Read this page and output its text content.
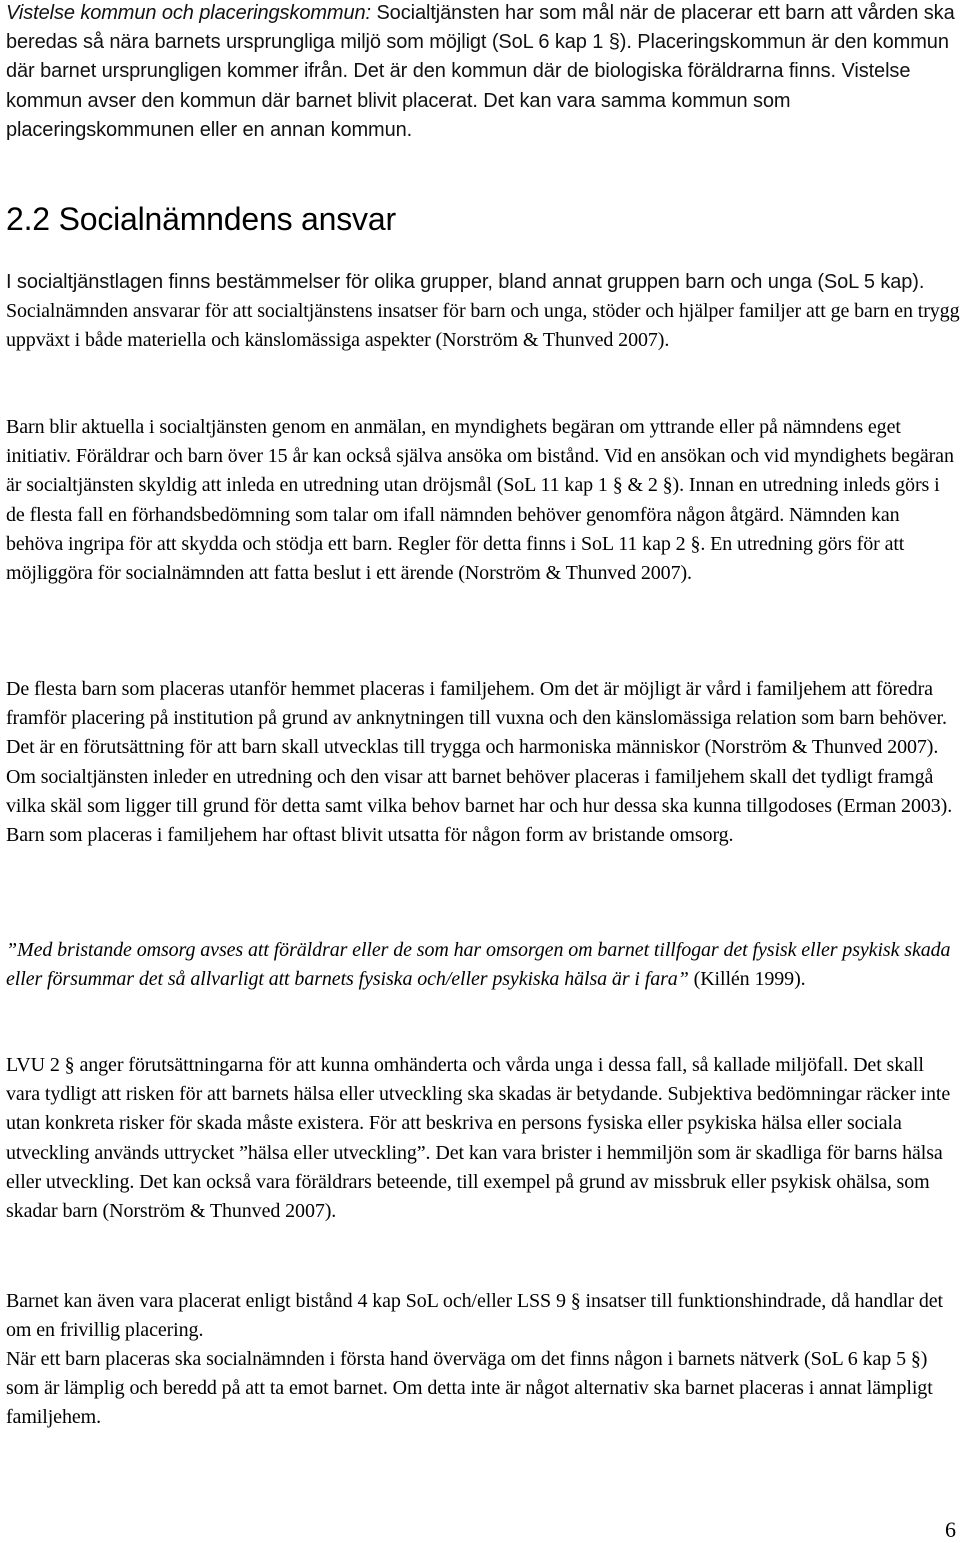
Vistelse kommun och placeringskommun: Socialtjänsten har som mål när de placerar ett barn att vården ska beredas så nära barnets ursprungliga miljö som möjligt (SoL 6 kap 1 §). Placeringskommun är den kommun där barnet ursprungligen kommer ifrån. Det är den kommun där de biologiska föräldrarna finns. Vistelse kommun avser den kommun där barnet blivit placerat. Det kan vara samma kommun som placeringskommunen eller en annan kommun.

2.2 Socialnämndens ansvar

I socialtjänstlagen finns bestämmelser för olika grupper, bland annat gruppen barn och unga (SoL 5 kap). Socialnämnden ansvarar för att socialtjänstens insatser för barn och unga, stöder och hjälper familjer att ge barn en trygg uppväxt i både materiella och känslomässiga aspekter (Norström & Thunved 2007).

Barn blir aktuella i socialtjänsten genom en anmälan, en myndighets begäran om yttrande eller på nämndens eget initiativ. Föräldrar och barn över 15 år kan också själva ansöka om bistånd. Vid en ansökan och vid myndighets begäran är socialtjänsten skyldig att inleda en utredning utan dröjsmål (SoL 11 kap 1 § & 2 §). Innan en utredning inleds görs i de flesta fall en förhandsbedömning som talar om ifall nämnden behöver genomföra någon åtgärd. Nämnden kan behöva ingripa för att skydda och stödja ett barn. Regler för detta finns i SoL 11 kap 2 §. En utredning görs för att möjliggöra för socialnämnden att fatta beslut i ett ärende (Norström & Thunved 2007).

De flesta barn som placeras utanför hemmet placeras i familjehem. Om det är möjligt är vård i familjehem att föredra framför placering på institution på grund av anknytningen till vuxna och den känslomässiga relation som barn behöver. Det är en förutsättning för att barn skall utvecklas till trygga och harmoniska människor (Norström & Thunved 2007). Om socialtjänsten inleder en utredning och den visar att barnet behöver placeras i familjehem skall det tydligt framgå vilka skäl som ligger till grund för detta samt vilka behov barnet har och hur dessa ska kunna tillgodoses (Erman 2003). Barn som placeras i familjehem har oftast blivit utsatta för någon form av bristande omsorg.

”Med bristande omsorg avses att föräldrar eller de som har omsorgen om barnet tillfogar det fysisk eller psykisk skada eller försummar det så allvarligt att barnets fysiska och/eller psykiska hälsa är i fara” (Killén 1999).

LVU 2 § anger förutsättningarna för att kunna omhänderta och vårda unga i dessa fall, så kallade miljöfall. Det skall vara tydligt att risken för att barnets hälsa eller utveckling ska skadas är betydande. Subjektiva bedömningar räcker inte utan konkreta risker för skada måste existera. För att beskriva en persons fysiska eller psykiska hälsa eller sociala utveckling används uttrycket ”hälsa eller utveckling”. Det kan vara brister i hemmiljön som är skadliga för barns hälsa eller utveckling. Det kan också vara föräldrars beteende, till exempel på grund av missbruk eller psykisk ohälsa, som skadar barn (Norström & Thunved 2007).

Barnet kan även vara placerat enligt bistånd 4 kap SoL och/eller LSS 9 § insatser till funktionshindrade, då handlar det om en frivillig placering.

När ett barn placeras ska socialnämnden i första hand överväga om det finns någon i barnets nätverk (SoL 6 kap 5 §) som är lämplig och beredd på att ta emot barnet. Om detta inte är något alternativ ska barnet placeras i annat lämpligt familjehem.

6
